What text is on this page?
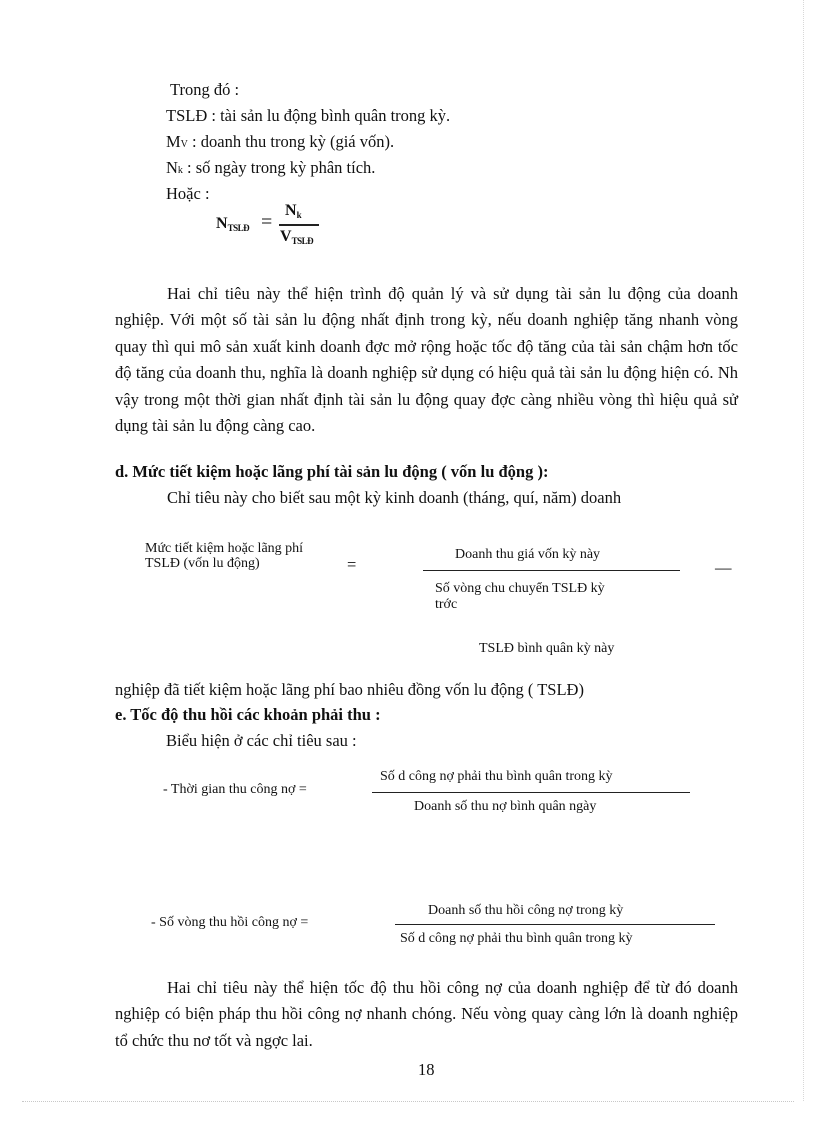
Trong đó :
TSLĐ : tài sản lu động bình quân trong kỳ.
MV : doanh thu trong kỳ (giá vốn).
Nk : số ngày trong kỳ phân tích.
Hoặc :
$N_{TSLĐ}$ =
$N_k$
$V_{TSLĐ}$

Hai chỉ tiêu này thể hiện trình độ quản lý và sử dụng tài sản lu động của doanh nghiệp. Với một số tài sản lu động nhất định trong kỳ, nếu doanh nghiệp tăng nhanh vòng quay thì qui mô sản xuất kinh doanh đợc mở rộng hoặc tốc độ tăng của tài sản chậm hơn tốc độ tăng của doanh thu, nghĩa là doanh nghiệp sử dụng có hiệu quả tài sản lu động hiện có. Nh vậy trong một thời gian nhất định tài sản lu động quay đợc càng nhiều vòng thì hiệu quả sử dụng tài sản lu động càng cao.

d. Mức tiết kiệm hoặc lãng phí tài sản lu động ( vốn lu động ):

Chỉ tiêu này cho biết sau một kỳ kinh doanh (tháng, quí, năm) doanh

Mức tiết kiệm hoặc lãng phí
TSLĐ (vốn lu động)	=
Doanh thu giá vốn kỳ này
Số vòng chu chuyển TSLĐ kỳ
trớc
—
TSLĐ bình quân kỳ này
nghiệp đã tiết kiệm hoặc lãng phí bao nhiêu đồng vốn lu động ( TSLĐ)
e. Tốc độ thu hồi các khoản phải thu :
Biểu hiện ở các chỉ tiêu sau :
- Thời gian thu công nợ =
Số d công nợ phải thu bình quân trong kỳ
Doanh số thu nợ bình quân ngày
- Số vòng thu hồi công nợ =
Doanh số thu hồi công nợ trong kỳ
Số d công nợ phải thu bình quân trong kỳ

Hai chỉ tiêu này thể hiện tốc độ thu hồi công nợ của doanh nghiệp để từ đó doanh nghiệp có biện pháp thu hồi công nợ nhanh chóng. Nếu vòng quay càng lớn là doanh nghiệp tổ chức thu nơ tốt và ngợc lai.

18
